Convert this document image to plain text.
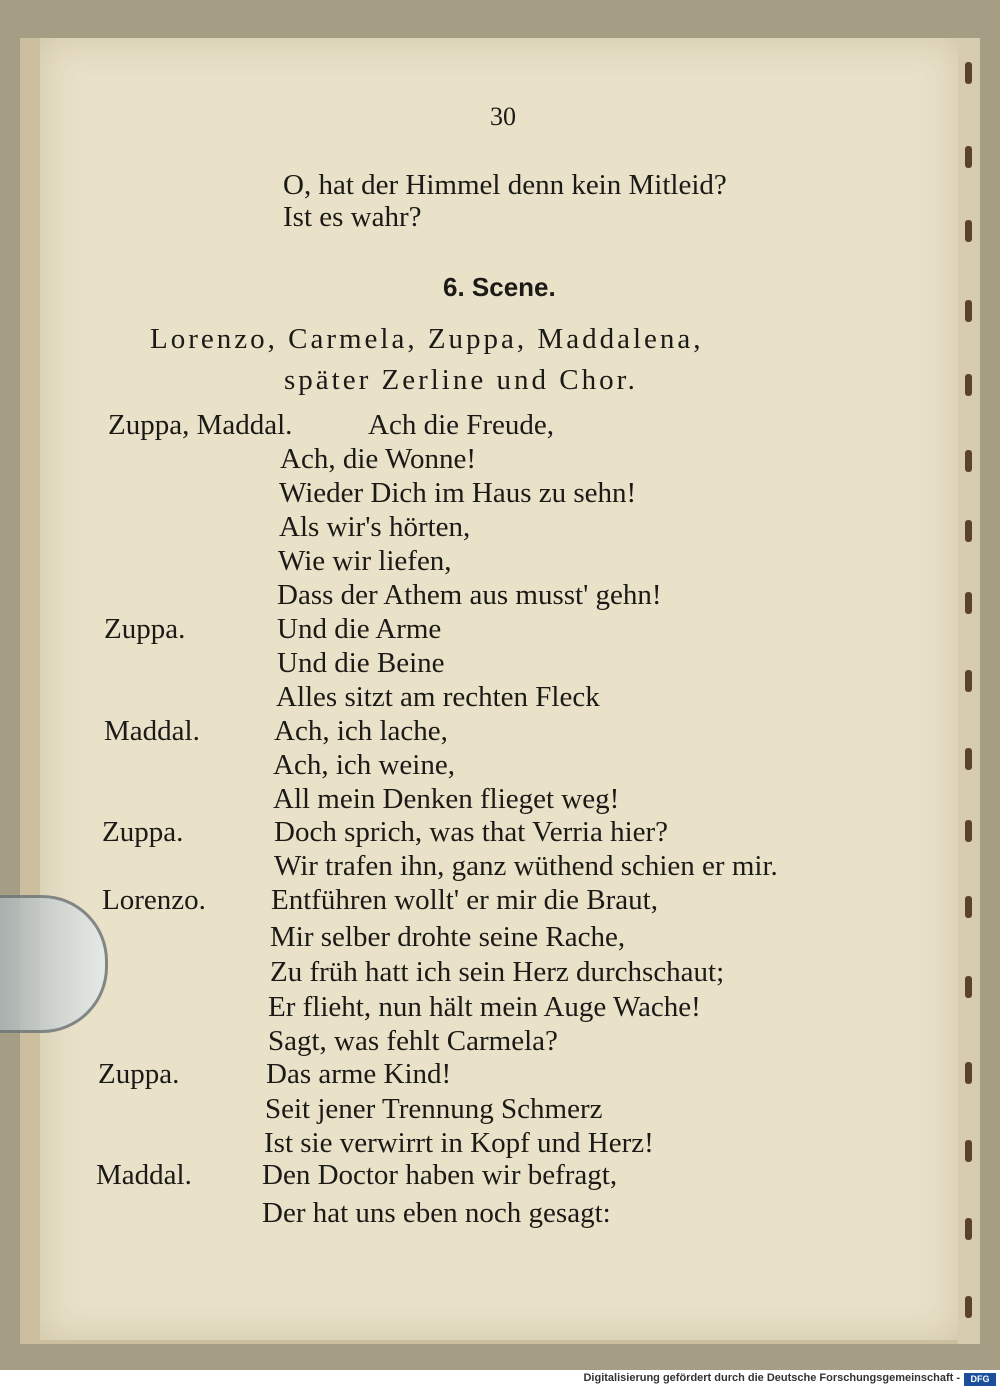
30
O, hat der Himmel denn kein Mitleid?
Ist es wahr?
6. Scene.
Lorenzo, Carmela, Zuppa, Maddalena,
später Zerline und Chor.
Zuppa, Maddal.
Zuppa.
Maddal.
Zuppa.
Lorenzo.
Zuppa.
Maddal.
Ach die Freude,
Ach, die Wonne!
Wieder Dich im Haus zu sehn!
Als wir's hörten,
Wie wir liefen,
Dass der Athem aus musst' gehn!
Und die Arme
Und die Beine
Alles sitzt am rechten Fleck
Ach, ich lache,
Ach, ich weine,
All mein Denken flieget weg!
Doch sprich, was that Verria hier?
Wir trafen ihn, ganz wüthend schien er mir.
Entführen wollt' er mir die Braut,
Mir selber drohte seine Rache,
Zu früh hatt ich sein Herz durchschaut;
Er flieht, nun hält mein Auge Wache!
Sagt, was fehlt Carmela?
Das arme Kind!
Seit jener Trennung Schmerz
Ist sie verwirrt in Kopf und Herz!
Den Doctor haben wir befragt,
Der hat uns eben noch gesagt:
Digitalisierung gefördert durch die Deutsche Forschungsgemeinschaft -	DFG
